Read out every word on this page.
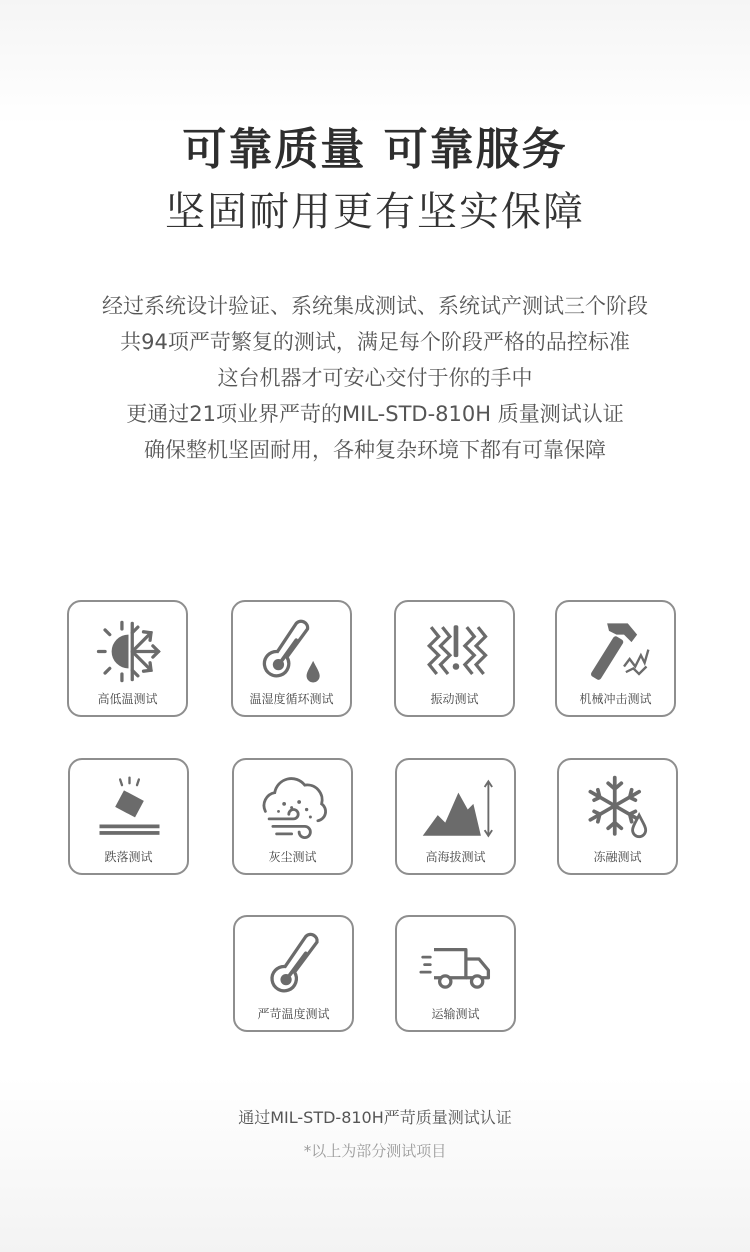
可靠质量 可靠服务
坚固耐用更有坚实保障
经过系统设计验证、系统集成测试、系统试产测试三个阶段
共94项严苛繁复的测试，满足每个阶段严格的品控标准
这台机器才可安心交付于你的手中
更通过21项业界严苛的MIL-STD-810H 质量测试认证
确保整机坚固耐用，各种复杂环境下都有可靠保障
高低温测试	温湿度循环测试	振动测试	机械冲击测试
跌落测试	灰尘测试	高海拔测试	冻融测试
严苛温度测试	运输测试
通过MIL-STD-810H严苛质量测试认证
*以上为部分测试项目
